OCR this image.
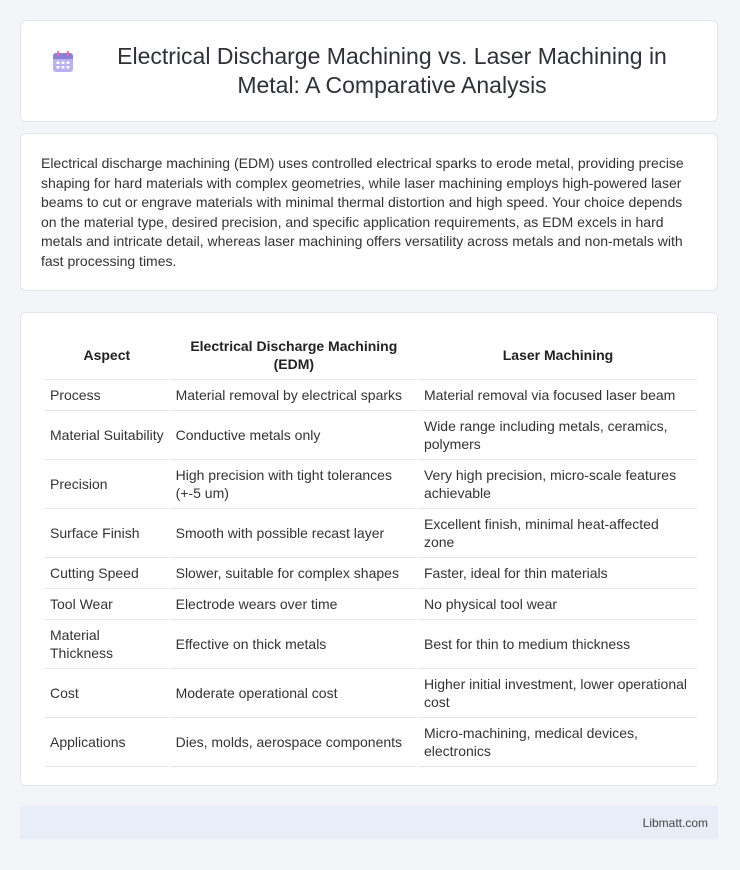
Electrical Discharge Machining vs. Laser Machining in Metal: A Comparative Analysis

Electrical discharge machining (EDM) uses controlled electrical sparks to erode metal, providing precise shaping for hard materials with complex geometries, while laser machining employs high-powered laser beams to cut or engrave materials with minimal thermal distortion and high speed. Your choice depends on the material type, desired precision, and specific application requirements, as EDM excels in hard metals and intricate detail, whereas laser machining offers versatility across metals and non-metals with fast processing times.

Aspect	Electrical Discharge Machining (EDM)	Laser Machining
Process	Material removal by electrical sparks	Material removal via focused laser beam
Material Suitability	Conductive metals only	Wide range including metals, ceramics, polymers
Precision	High precision with tight tolerances (+-5 um)	Very high precision, micro-scale features achievable
Surface Finish	Smooth with possible recast layer	Excellent finish, minimal heat-affected zone
Cutting Speed	Slower, suitable for complex shapes	Faster, ideal for thin materials
Tool Wear	Electrode wears over time	No physical tool wear
Material Thickness	Effective on thick metals	Best for thin to medium thickness
Cost	Moderate operational cost	Higher initial investment, lower operational cost
Applications	Dies, molds, aerospace components	Micro-machining, medical devices, electronics
Libmatt.com
